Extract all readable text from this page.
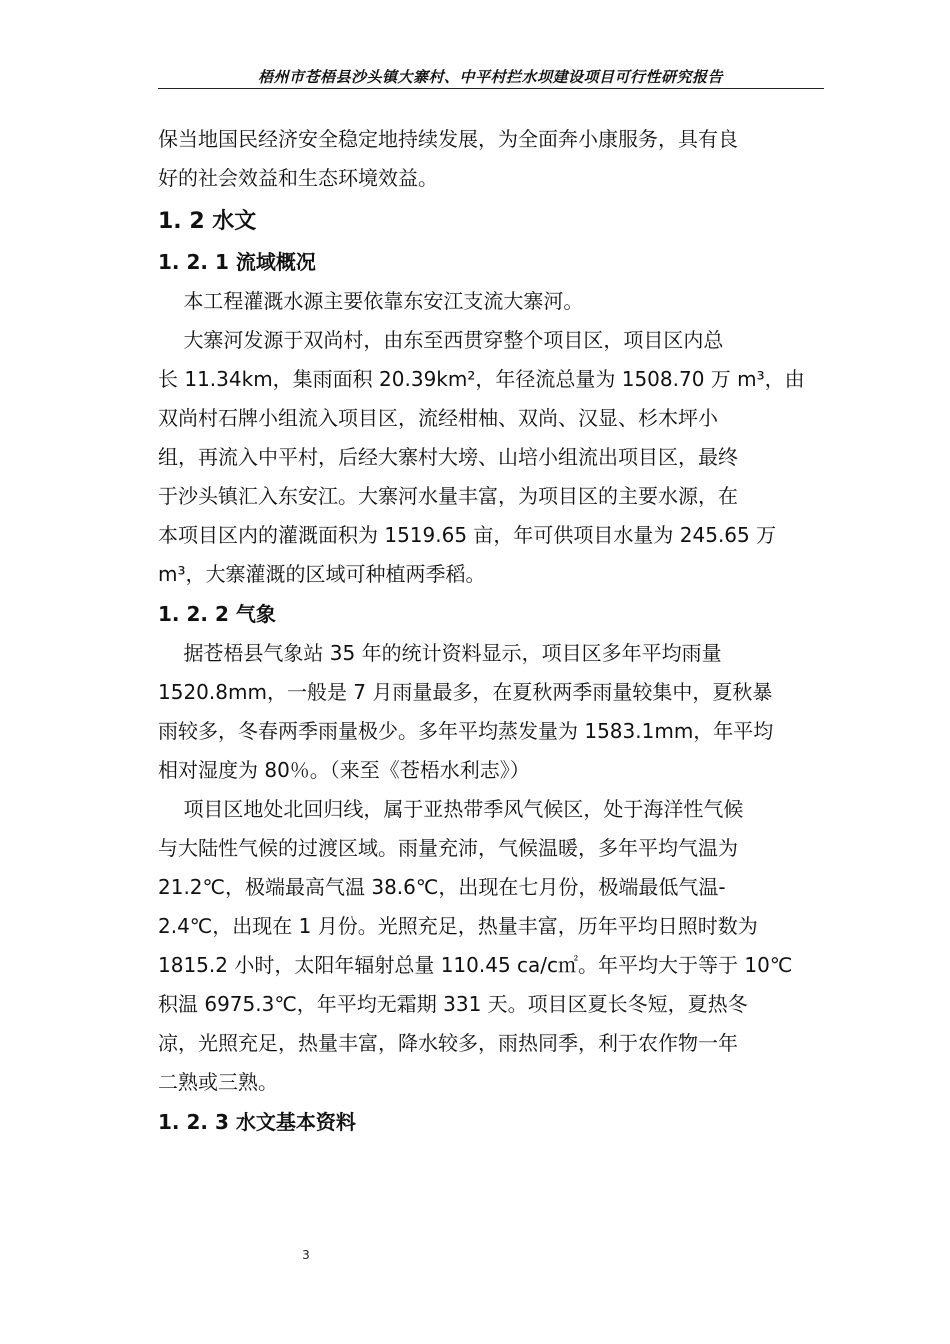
梧州市苍梧县沙头镇大寨村、中平村拦水坝建设项目可行性研究报告

保当地国民经济安全稳定地持续发展，为全面奔小康服务，具有良

好的社会效益和生态环境效益。

1. 2 水文

1. 2. 1 流域概况

本工程灌溉水源主要依靠东安江支流大寨河。

大寨河发源于双尚村，由东至西贯穿整个项目区，项目区内总

长 11.34km，集雨面积 20.39km²，年径流总量为 1508.70 万 m³，由

双尚村石牌小组流入项目区，流经柑柚、双尚、汉显、杉木坪小

组，再流入中平村，后经大寨村大塝、山培小组流出项目区，最终

于沙头镇汇入东安江。大寨河水量丰富，为项目区的主要水源，在

本项目区内的灌溉面积为 1519.65 亩，年可供项目水量为 245.65 万

m³，大寨灌溉的区域可种植两季稻。

1. 2. 2 气象

据苍梧县气象站 35 年的统计资料显示，项目区多年平均雨量

1520.8mm，一般是 7 月雨量最多，在夏秋两季雨量较集中，夏秋暴

雨较多，冬春两季雨量极少。多年平均蒸发量为 1583.1mm，年平均

相对湿度为 80％。（来至《苍梧水利志》）

项目区地处北回归线，属于亚热带季风气候区，处于海洋性气候

与大陆性气候的过渡区域。雨量充沛，气候温暖，多年平均气温为

21.2℃，极端最高气温 38.6℃，出现在七月份，极端最低气温-

2.4℃，出现在 1 月份。光照充足，热量丰富，历年平均日照时数为

1815.2 小时，太阳年辐射总量 110.45 ca/c㎡。年平均大于等于 10℃

积温 6975.3℃，年平均无霜期 331 天。项目区夏长冬短，夏热冬

凉，光照充足，热量丰富，降水较多，雨热同季，利于农作物一年

二熟或三熟。

1. 2. 3 水文基本资料

3
